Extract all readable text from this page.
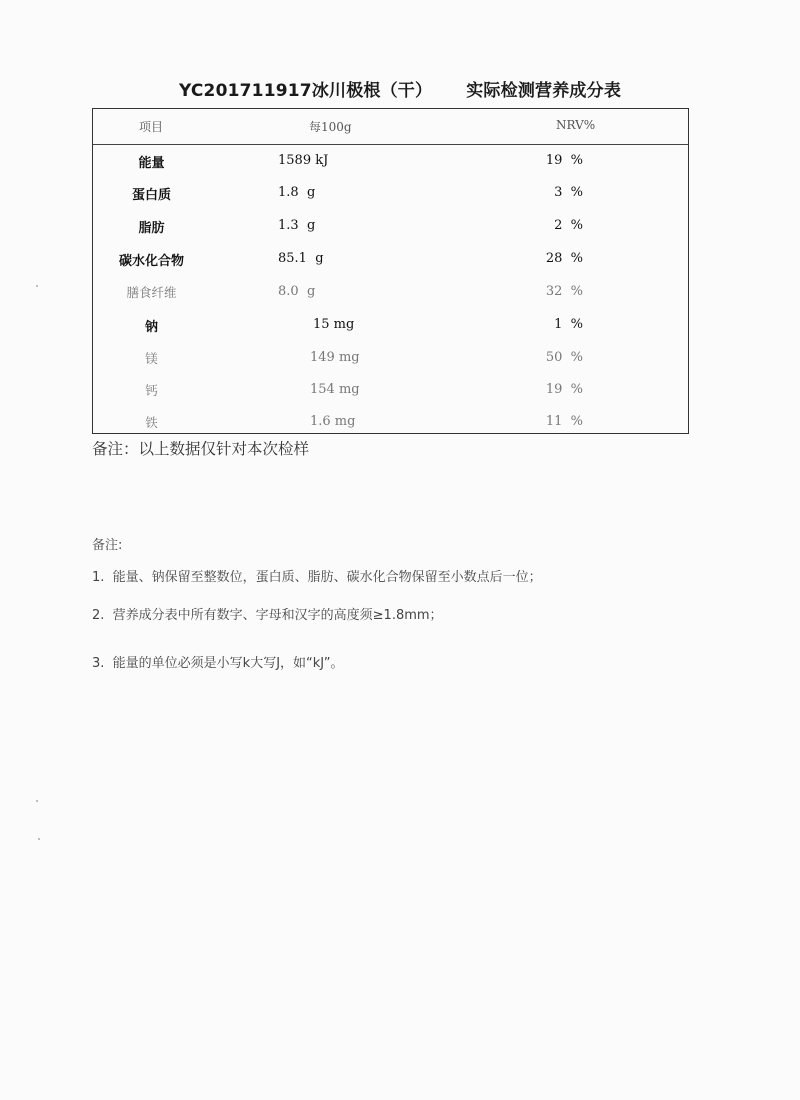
YC201711917冰川极根（干） 实际检测营养成分表
项目	每100g	NRV%
能量	1589 kJ	19  %
蛋白质	1.8  g	3  %
脂肪	1.3  g	2  %
碳水化合物	85.1  g	28  %
膳食纤维	8.0  g	32  %
钠	15 mg	1  %
镁	149 mg	50  %
钙	154 mg	19  %
铁	1.6 mg	11  %
备注：以上数据仅针对本次检样
备注:
1.  能量、钠保留至整数位，蛋白质、脂肪、碳水化合物保留至小数点后一位；
2.  营养成分表中所有数字、字母和汉字的高度须≥1.8mm；
3.  能量的单位必须是小写k大写J，如“kJ”。
